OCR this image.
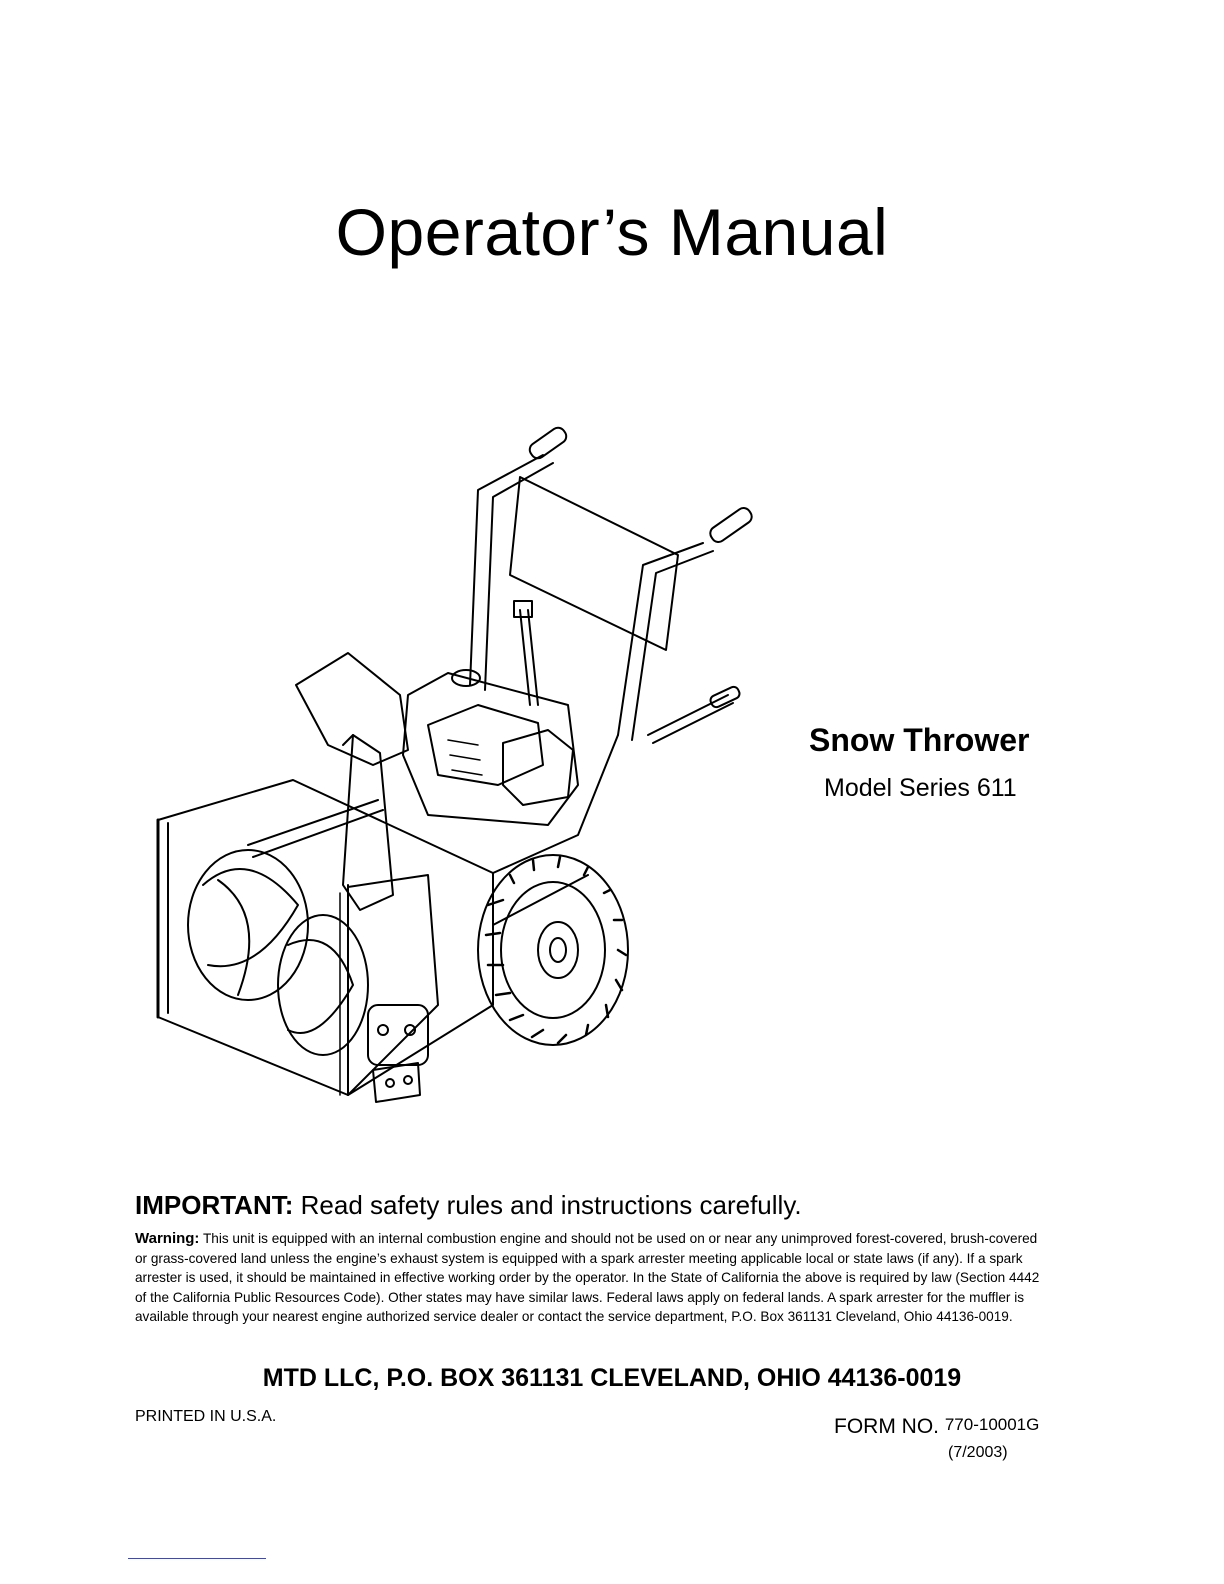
Operator’s Manual
Snow Thrower
Model Series 611
IMPORTANT: Read safety rules and instructions carefully.
Warning: This unit is equipped with an internal combustion engine and should not be used on or near any unimproved forest-covered, brush-covered or grass-covered land unless the engine’s exhaust system is equipped with a spark arrester meeting applicable local or state laws (if any). If a spark arrester is used, it should be maintained in effective working order by the operator. In the State of California the above is required by law (Section 4442 of the California Public Resources Code). Other states may have similar laws. Federal laws apply on federal lands. A spark arrester for the muffler is available through your nearest engine authorized service dealer or contact the service department, P.O. Box 361131 Cleveland, Ohio 44136-0019.
MTD LLC, P.O. BOX 361131 CLEVELAND, OHIO 44136-0019
PRINTED IN U.S.A.	FORM NO. 770-10001G
(7/2003)
